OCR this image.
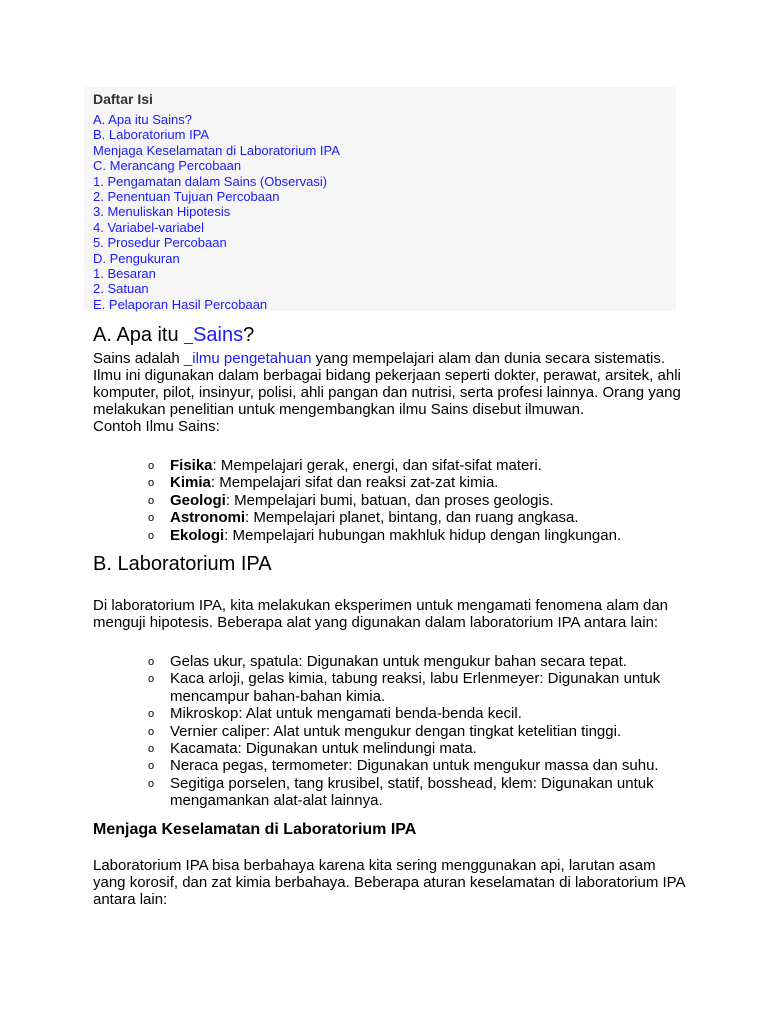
Daftar Isi
A. Apa itu Sains?
B. Laboratorium IPA
Menjaga Keselamatan di Laboratorium IPA
C. Merancang Percobaan
1. Pengamatan dalam Sains (Observasi)
2. Penentuan Tujuan Percobaan
3. Menuliskan Hipotesis
4. Variabel-variabel
5. Prosedur Percobaan
D. Pengukuran
1. Besaran
2. Satuan
E. Pelaporan Hasil Percobaan
A. Apa itu _Sains?

Sains adalah _ilmu pengetahuan yang mempelajari alam dan dunia secara sistematis. Ilmu ini digunakan dalam berbagai bidang pekerjaan seperti dokter, perawat, arsitek, ahli komputer, pilot, insinyur, polisi, ahli pangan dan nutrisi, serta profesi lainnya. Orang yang melakukan penelitian untuk mengembangkan ilmu Sains disebut ilmuwan.

Contoh Ilmu Sains:

o Fisika: Mempelajari gerak, energi, dan sifat-sifat materi.
o Kimia: Mempelajari sifat dan reaksi zat-zat kimia.
o Geologi: Mempelajari bumi, batuan, dan proses geologis.
o Astronomi: Mempelajari planet, bintang, dan ruang angkasa.
o Ekologi: Mempelajari hubungan makhluk hidup dengan lingkungan.
B. Laboratorium IPA

Di laboratorium IPA, kita melakukan eksperimen untuk mengamati fenomena alam dan menguji hipotesis. Beberapa alat yang digunakan dalam laboratorium IPA antara lain:

o Gelas ukur, spatula: Digunakan untuk mengukur bahan secara tepat.
o Kaca arloji, gelas kimia, tabung reaksi, labu Erlenmeyer: Digunakan untuk mencampur bahan-bahan kimia.
o Mikroskop: Alat untuk mengamati benda-benda kecil.
o Vernier caliper: Alat untuk mengukur dengan tingkat ketelitian tinggi.
o Kacamata: Digunakan untuk melindungi mata.
o Neraca pegas, termometer: Digunakan untuk mengukur massa dan suhu.
o Segitiga porselen, tang krusibel, statif, bosshead, klem: Digunakan untuk mengamankan alat-alat lainnya.
Menjaga Keselamatan di Laboratorium IPA

Laboratorium IPA bisa berbahaya karena kita sering menggunakan api, larutan asam yang korosif, dan zat kimia berbahaya. Beberapa aturan keselamatan di laboratorium IPA antara lain:
